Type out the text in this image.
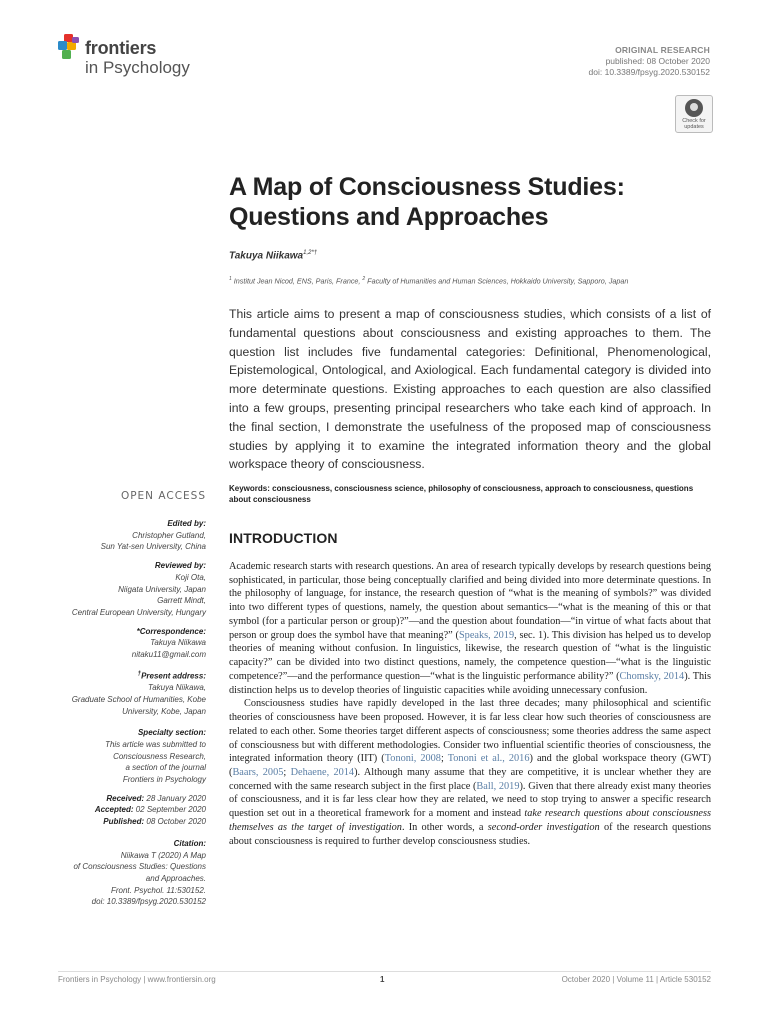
frontiers
in Psychology
ORIGINAL RESEARCH
published: 08 October 2020
doi: 10.3389/fpsyg.2020.530152
Check for updates
A Map of Consciousness Studies:
Questions and Approaches
Takuya Niikawa$^{1,2*\dagger}$
$^1$ Institut Jean Nicod, ENS, Paris, France, $^2$ Faculty of Humanities and Human Sciences, Hokkaido University, Sapporo, Japan
This article aims to present a map of consciousness studies, which consists of a list of fundamental questions about consciousness and existing approaches to them. The question list includes five fundamental categories: Definitional, Phenomenological, Epistemological, Ontological, and Axiological. Each fundamental category is divided into more determinate questions. Existing approaches to each question are also classified into a few groups, presenting principal researchers who take each kind of approach. In the final section, I demonstrate the usefulness of the proposed map of consciousness studies by applying it to examine the integrated information theory and the global workspace theory of consciousness.
Keywords: consciousness, consciousness science, philosophy of consciousness, approach to consciousness, questions about consciousness
OPEN ACCESS
Edited by:
Christopher Gutland,
Sun Yat-sen University, China
Reviewed by:
Koji Ota,
Niigata University, Japan
Garrett Mindt,
Central European University, Hungary
*Correspondence:
Takuya Niikawa
nitaku11@gmail.com
†Present address:
Takuya Niikawa,
Graduate School of Humanities, Kobe
University, Kobe, Japan
Specialty section:
This article was submitted to
Consciousness Research,
a section of the journal
Frontiers in Psychology
Received: 28 January 2020
Accepted: 02 September 2020
Published: 08 October 2020
Citation:
Niikawa T (2020) A Map
of Consciousness Studies: Questions
and Approaches.
Front. Psychol. 11:530152.
doi: 10.3389/fpsyg.2020.530152
INTRODUCTION

Academic research starts with research questions. An area of research typically develops by research questions being sophisticated, in particular, those being conceptually clarified and being divided into more determinate questions. In the philosophy of language, for instance, the research question of “what is the meaning of symbols?” was divided into two different types of questions, namely, the question about semantics—“what is the meaning of this or that symbol (for a particular person or group)?”—and the question about foundation—“in virtue of what facts about that person or group does the symbol have that meaning?” (Speaks, 2019, sec. 1). This division has helped us to develop theories of meaning without confusion. In linguistics, likewise, the research question of “what is the linguistic capacity?” can be divided into two distinct questions, namely, the competence question—“what is the linguistic competence?”—and the performance question—“what is the linguistic performance ability?” (Chomsky, 2014). This distinction helps us to develop theories of linguistic capacities while avoiding unnecessary confusion.

Consciousness studies have rapidly developed in the last three decades; many philosophical and scientific theories of consciousness have been proposed. However, it is far less clear how such theories of consciousness are related to each other. Some theories target different aspects of consciousness; some theories address the same aspect of consciousness but with different methodologies. Consider two influential scientific theories of consciousness, the integrated information theory (IIT) (Tononi, 2008; Tononi et al., 2016) and the global workspace theory (GWT) (Baars, 2005; Dehaene, 2014). Although many assume that they are competitive, it is unclear whether they are concerned with the same research subject in the first place (Ball, 2019). Given that there already exist many theories of consciousness, and it is far less clear how they are related, we need to stop trying to answer a specific research question set out in a theoretical framework for a moment and instead take research questions about consciousness themselves as the target of investigation. In other words, a second-order investigation of the research questions about consciousness is required to further develop consciousness studies.

Frontiers in Psychology | www.frontiersin.org	1	October 2020 | Volume 11 | Article 530152
